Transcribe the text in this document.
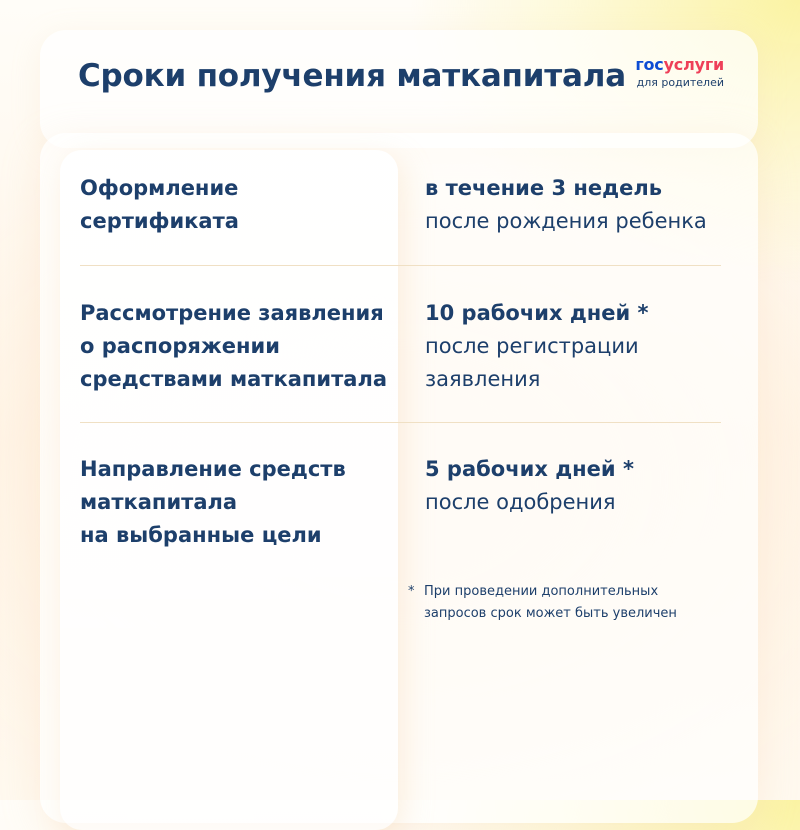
Сроки получения маткапитала госуслуги
для родителей

Оформление
сертификата

в течение 3 недель
после рождения ребенка

Рассмотрение заявления
о распоряжении
средствами маткапитала

10 рабочих дней *
после регистрации
заявления

Направление средств
маткапитала
на выбранные цели

5 рабочих дней *
после одобрения
* При проведении дополнительных
запросов срок может быть увеличен
